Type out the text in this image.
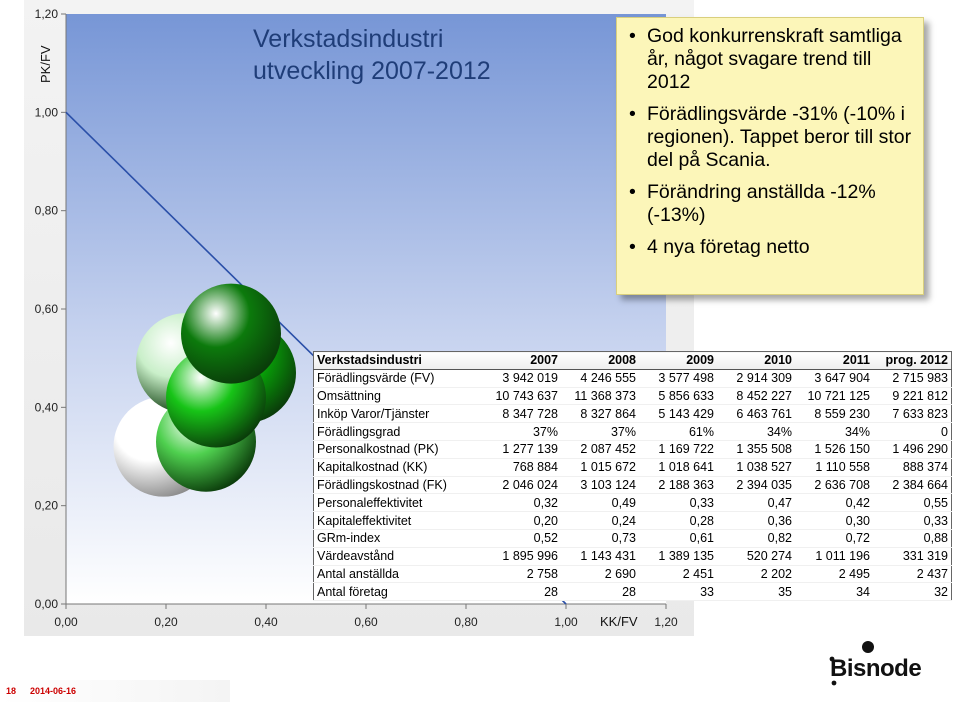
0,00
0,20
0,40
0,60
0,80
1,00
1,20
0,00	0,20	0,40	0,60	0,80	1,00	1,20
PK/FV
KK/FV
Verkstadsindustri
utveckling 2007-2012
• God konkurrenskraft samtliga år, något svagare trend till 2012
• Förädlingsvärde -31% (-10% i regionen). Tappet beror till stor del på Scania.
• Förändring anställda -12% (-13%)
• 4 nya företag netto
Verkstadsindustri	2007	2008	2009	2010	2011	prog. 2012
Förädlingsvärde (FV)	3 942 019	4 246 555	3 577 498	2 914 309	3 647 904	2 715 983
Omsättning	10 743 637	11 368 373	5 856 633	8 452 227	10 721 125	9 221 812
Inköp Varor/Tjänster	8 347 728	8 327 864	5 143 429	6 463 761	8 559 230	7 633 823
Förädlingsgrad	37%	37%	61%	34%	34%	0
Personalkostnad (PK)	1 277 139	2 087 452	1 169 722	1 355 508	1 526 150	1 496 290
Kapitalkostnad (KK)	768 884	1 015 672	1 018 641	1 038 527	1 110 558	888 374
Förädlingskostnad (FK)	2 046 024	3 103 124	2 188 363	2 394 035	2 636 708	2 384 664
Personaleffektivitet	0,32	0,49	0,33	0,47	0,42	0,55
Kapitaleffektivitet	0,20	0,24	0,28	0,36	0,30	0,33
GRm-index	0,52	0,73	0,61	0,82	0,72	0,88
Värdeavstånd	1 895 996	1 143 431	1 389 135	520 274	1 011 196	331 319
Antal anställda	2 758	2 690	2 451	2 202	2 495	2 437
Antal företag	28	28	33	35	34	32
18 2014-06-16
Bisnode
